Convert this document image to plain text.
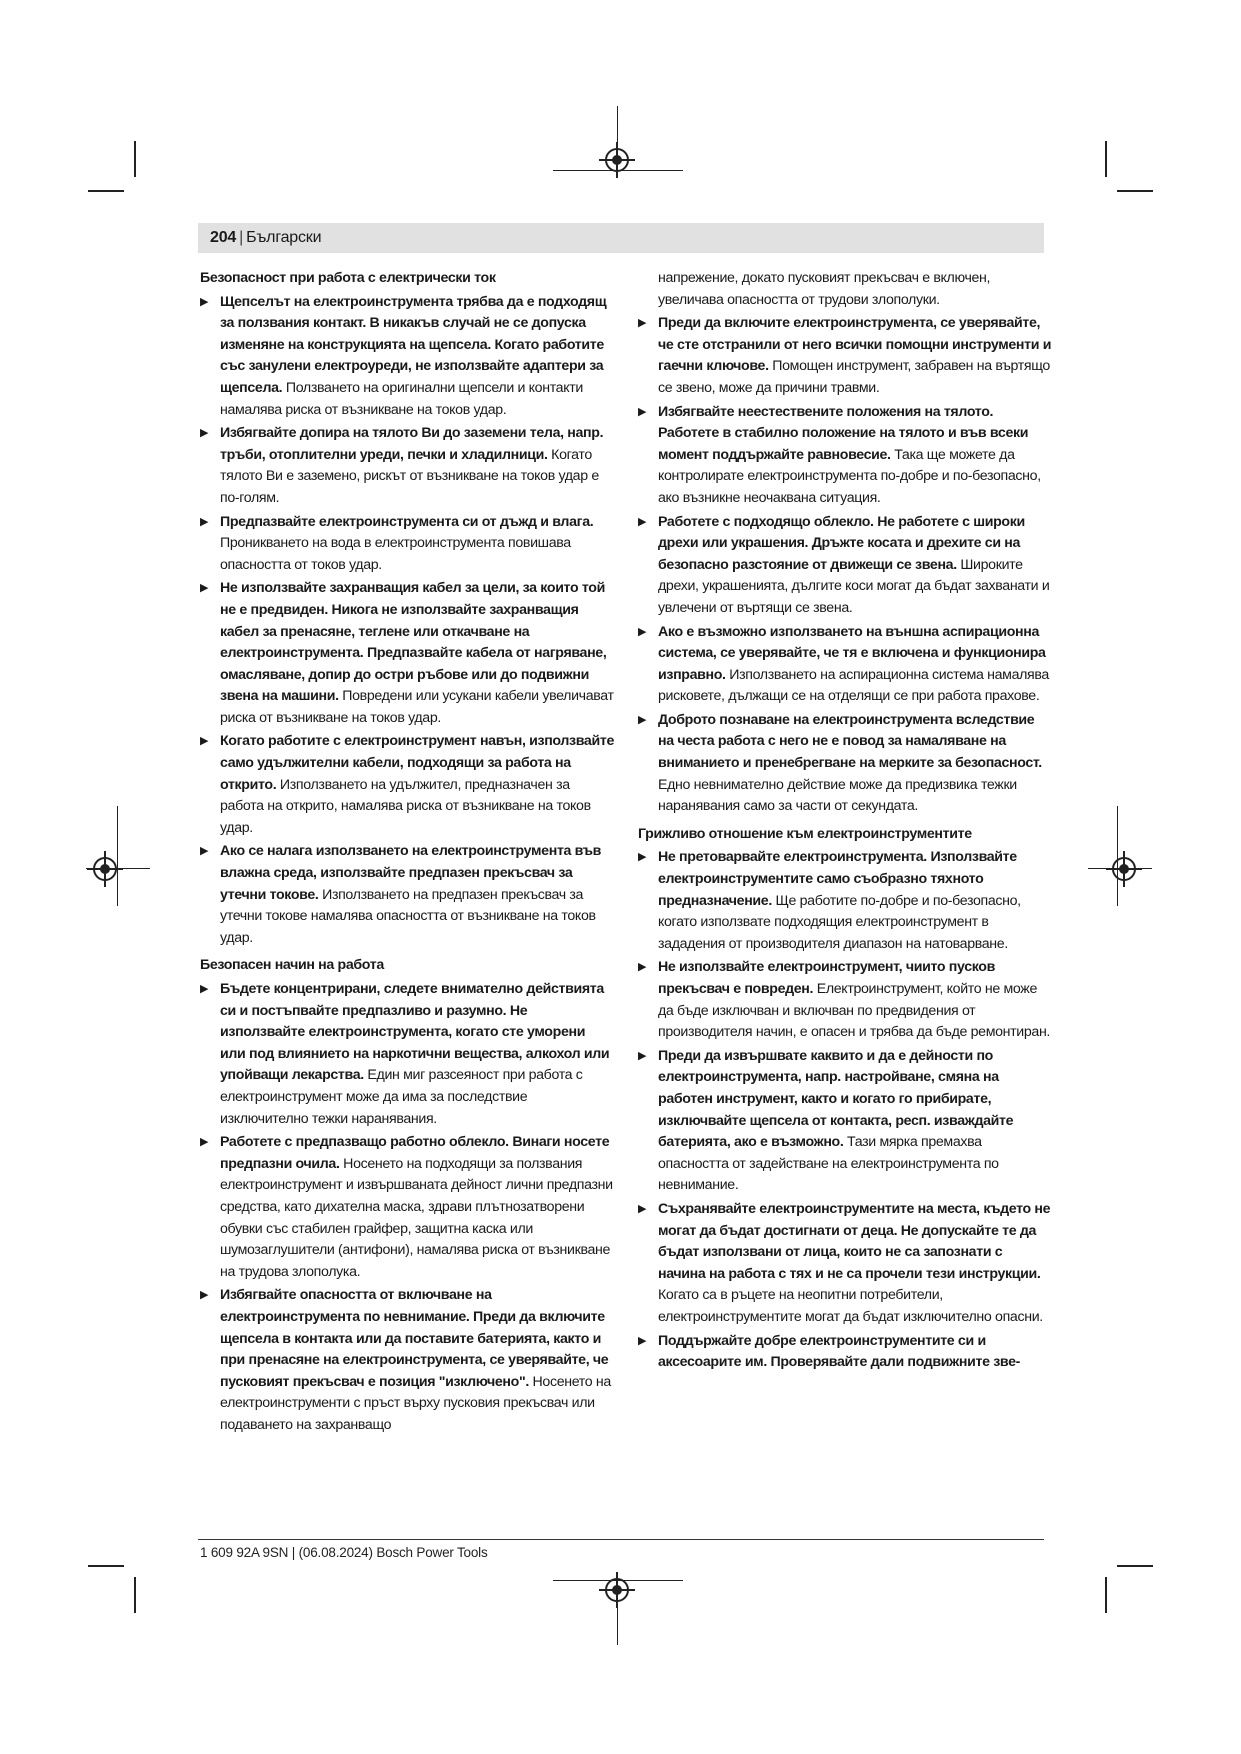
204 | Български
Безопасност при работа с електрически ток
▶ Щепселът на електроинструмента трябва да е подходящ за ползвания контакт. В никакъв случай не се допуска изменяне на конструкцията на щепсела. Когато работите със занулени електроуреди, не използвайте адаптери за щепсела. Ползването на оригинални щепсели и контакти намалява риска от възникване на токов удар.
▶ Избягвайте допира на тялото Ви до заземени тела, напр. тръби, отоплителни уреди, печки и хладилници. Когато тялото Ви е заземено, рискът от възникване на токов удар е по-голям.
▶ Предпазвайте електроинструмента си от дъжд и влага. Проникването на вода в електроинструмента повишава опасността от токов удар.
▶ Не използвайте захранващия кабел за цели, за които той не е предвиден. Никога не използвайте захранващия кабел за пренасяне, теглене или откачване на електроинструмента. Предпазвайте кабела от нагряване, омасляване, допир до остри ръбове или до подвижни звена на машини. Повредени или усукани кабели увеличават риска от възникване на токов удар.
▶ Когато работите с електроинструмент навън, използвайте само удължителни кабели, подходящи за работа на открито. Използването на удължител, предназначен за работа на открито, намалява риска от възникване на токов удар.
▶ Ако се налага използването на електроинструмента във влажна среда, използвайте предпазен прекъсвач за утечни токове. Използването на предпазен прекъсвач за утечни токове намалява опасността от възникване на токов удар.
Безопасен начин на работа
▶ Бъдете концентрирани, следете внимателно действията си и постъпвайте предпазливо и разумно. Не използвайте електроинструмента, когато сте уморени или под влиянието на наркотични вещества, алкохол или упойващи лекарства. Един миг разсеяност при работа с електроинструмент може да има за последствие изключително тежки наранявания.
▶ Работете с предпазващо работно облекло. Винаги носете предпазни очила. Носенето на подходящи за ползвания електроинструмент и извършваната дейност лични предпазни средства, като дихателна маска, здрави плътнозатворени обувки със стабилен грайфер, защитна каска или шумозаглушители (антифони), намалява риска от възникване на трудова злополука.
▶ Избягвайте опасността от включване на електроинструмента по невнимание. Преди да включите щепсела в контакта или да поставите батерията, както и при пренасяне на електроинструмента, се уверявайте, че пусковият прекъсвач е позиция "изключено". Носенето на електроинструменти с пръст върху пусковия прекъсвач или подаването на захранващо
напрежение, докато пусковият прекъсвач е включен, увеличава опасността от трудови злополуки.
▶ Преди да включите електроинструмента, се уверявайте, че сте отстранили от него всички помощни инструменти и гаечни ключове. Помощен инструмент, забравен на въртящо се звено, може да причини травми.
▶ Избягвайте неестествените положения на тялото. Работете в стабилно положение на тялото и във всеки момент поддържайте равновесие. Така ще можете да контролирате електроинструмента по-добре и по-безопасно, ако възникне неочаквана ситуация.
▶ Работете с подходящо облекло. Не работете с широки дрехи или украшения. Дръжте косата и дрехите си на безопасно разстояние от движещи се звена. Широките дрехи, украшенията, дългите коси могат да бъдат захванати и увлечени от въртящи се звена.
▶ Ако е възможно използването на външна аспирационна система, се уверявайте, че тя е включена и функционира изправно. Използването на аспирационна система намалява рисковете, дължащи се на отделящи се при работа прахове.
▶ Доброто познаване на електроинструмента вследствие на честа работа с него не е повод за намаляване на вниманието и пренебрегване на мерките за безопасност. Едно невнимателно действие може да предизвика тежки наранявания само за части от секундата.
Грижливо отношение към електроинструментите
▶ Не претоварвайте електроинструмента. Използвайте електроинструментите само съобразно тяхното предназначение. Ще работите по-добре и по-безопасно, когато използвате подходящия електроинструмент в зададения от производителя диапазон на натоварване.
▶ Не използвайте електроинструмент, чиито пусков прекъсвач е повреден. Електроинструмент, който не може да бъде изключван и включван по предвидения от производителя начин, е опасен и трябва да бъде ремонтиран.
▶ Преди да извършвате каквито и да е дейности по електроинструмента, напр. настройване, смяна на работен инструмент, както и когато го прибирате, изключвайте щепсела от контакта, респ. изваждайте батерията, ако е възможно. Тази мярка премахва опасността от задействане на електроинструмента по невнимание.
▶ Съхранявайте електроинструментите на места, където не могат да бъдат достигнати от деца. Не допускайте те да бъдат използвани от лица, които не са запознати с начина на работа с тях и не са прочели тези инструкции. Когато са в ръцете на неопитни потребители, електроинструментите могат да бъдат изключително опасни.
▶ Поддържайте добре електроинструментите си и аксесоарите им. Проверявайте дали подвижните зве-
1 609 92A 9SN | (06.08.2024) Bosch Power Tools
